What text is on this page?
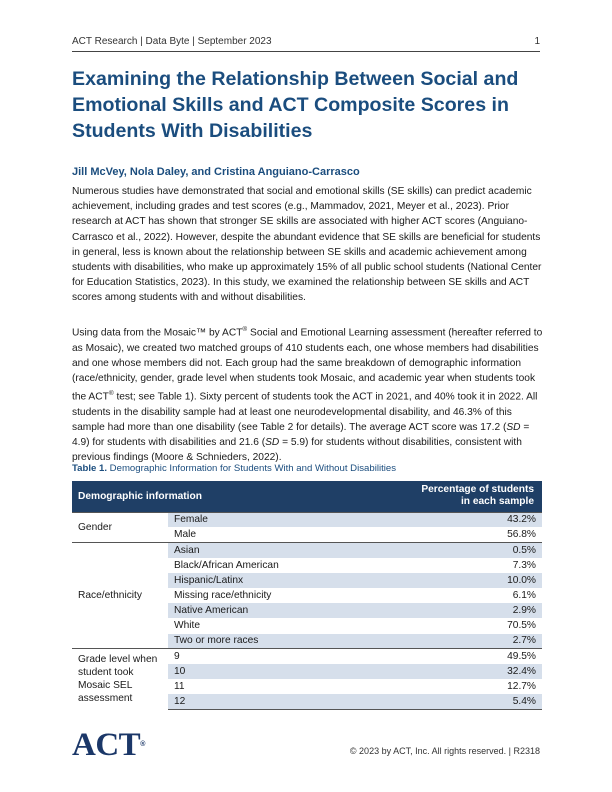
ACT Research | Data Byte | September 2023	1
Examining the Relationship Between Social and Emotional Skills and ACT Composite Scores in Students With Disabilities
Jill McVey, Nola Daley, and Cristina Anguiano-Carrasco

Numerous studies have demonstrated that social and emotional skills (SE skills) can predict academic achievement, including grades and test scores (e.g., Mammadov, 2021, Meyer et al., 2023). Prior research at ACT has shown that stronger SE skills are associated with higher ACT scores (Anguiano-Carrasco et al., 2022). However, despite the abundant evidence that SE skills are beneficial for students in general, less is known about the relationship between SE skills and academic achievement among students with disabilities, who make up approximately 15% of all public school students (National Center for Education Statistics, 2023). In this study, we examined the relationship between SE skills and ACT scores among students with and without disabilities.

Using data from the Mosaic™ by ACT® Social and Emotional Learning assessment (hereafter referred to as Mosaic), we created two matched groups of 410 students each, one whose members had disabilities and one whose members did not. Each group had the same breakdown of demographic information (race/ethnicity, gender, grade level when students took Mosaic, and academic year when students took the ACT® test; see Table 1). Sixty percent of students took the ACT in 2021, and 40% took it in 2022. All students in the disability sample had at least one neurodevelopmental disability, and 46.3% of this sample had more than one disability (see Table 2 for details). The average ACT score was 17.2 (SD = 4.9) for students with disabilities and 21.6 (SD = 5.9) for students without disabilities, consistent with previous findings (Moore & Schnieders, 2022).

Table 1. Demographic Information for Students With and Without Disabilities
Demographic information		Percentage of students
in each sample
Gender	Female	43.2%
	Male	56.8%
Race/ethnicity	Asian	0.5%
	Black/African American	7.3%
	Hispanic/Latinx	10.0%
	Missing race/ethnicity	6.1%
	Native American	2.9%
	White	70.5%
	Two or more races	2.7%
Grade level when student took Mosaic SEL assessment	9	49.5%
	10	32.4%
	11	12.7%
	12	5.4%
ACT®
© 2023 by ACT, Inc. All rights reserved. | R2318
